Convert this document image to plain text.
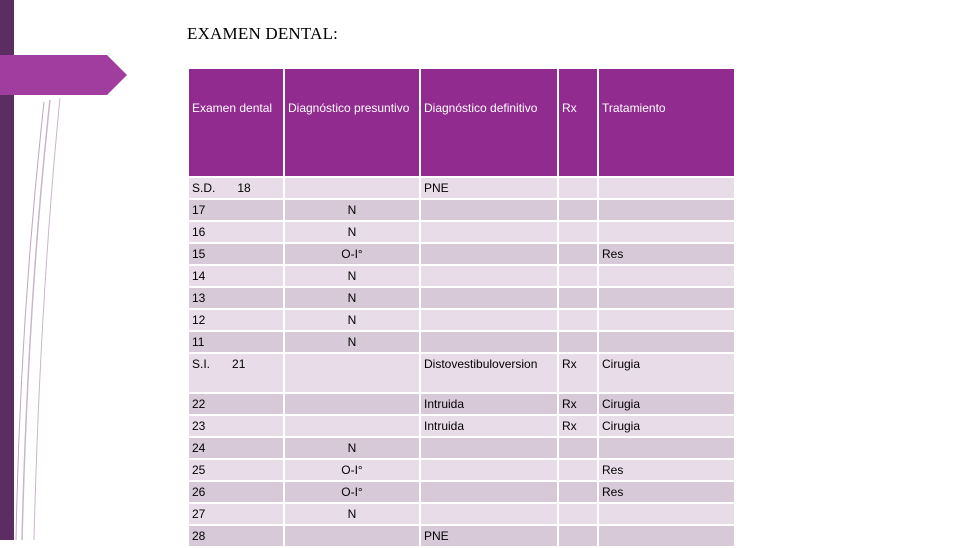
EXAMEN DENTAL:
Examen dental	Diagnóstico presuntivo	Diagnóstico definitivo	Rx	Tratamiento
S.D. 18		PNE		
17	N			
16	N			
15	O-I°			Res
14	N			
13	N			
12	N			
11	N			
S.I. 21		Distovestibuloversion	Rx	Cirugia
22		Intruida	Rx	Cirugia
23		Intruida	Rx	Cirugia
24	N			
25	O-I°			Res
26	O-I°			Res
27	N			
28		PNE		
